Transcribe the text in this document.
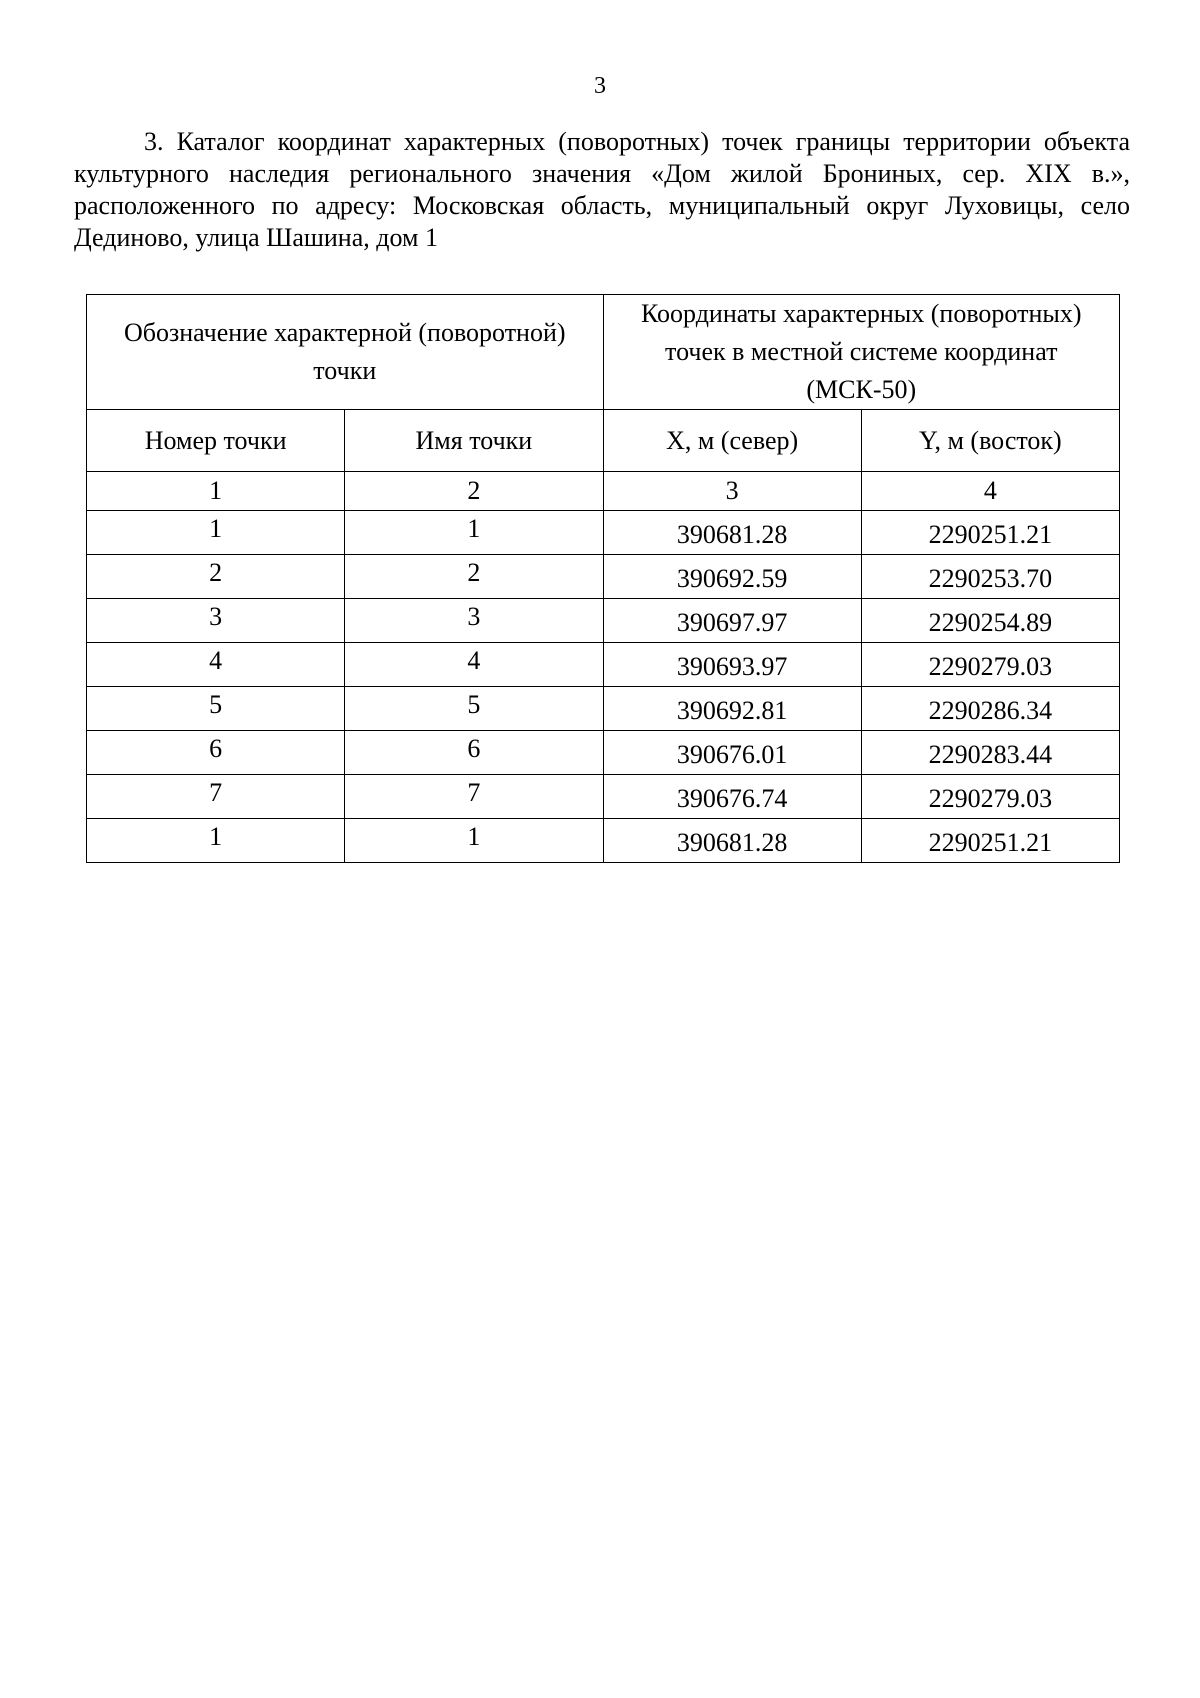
3

3. Каталог координат характерных (поворотных) точек границы территории объекта культурного наследия регионального значения «Дом жилой Брониных, сер. XIX в.», расположенного по адресу: Московская область, муниципальный округ Луховицы, село Дединово, улица Шашина, дом 1

Обозначение характерной (поворотной) точки		Координаты характерных (поворотных) точек в местной системе координат (МСК-50)	
Номер точки	Имя точки	X, м (север)	Y, м (восток)
1	2	3	4
1	1	390681.28	2290251.21
2	2	390692.59	2290253.70
3	3	390697.97	2290254.89
4	4	390693.97	2290279.03
5	5	390692.81	2290286.34
6	6	390676.01	2290283.44
7	7	390676.74	2290279.03
1	1	390681.28	2290251.21
